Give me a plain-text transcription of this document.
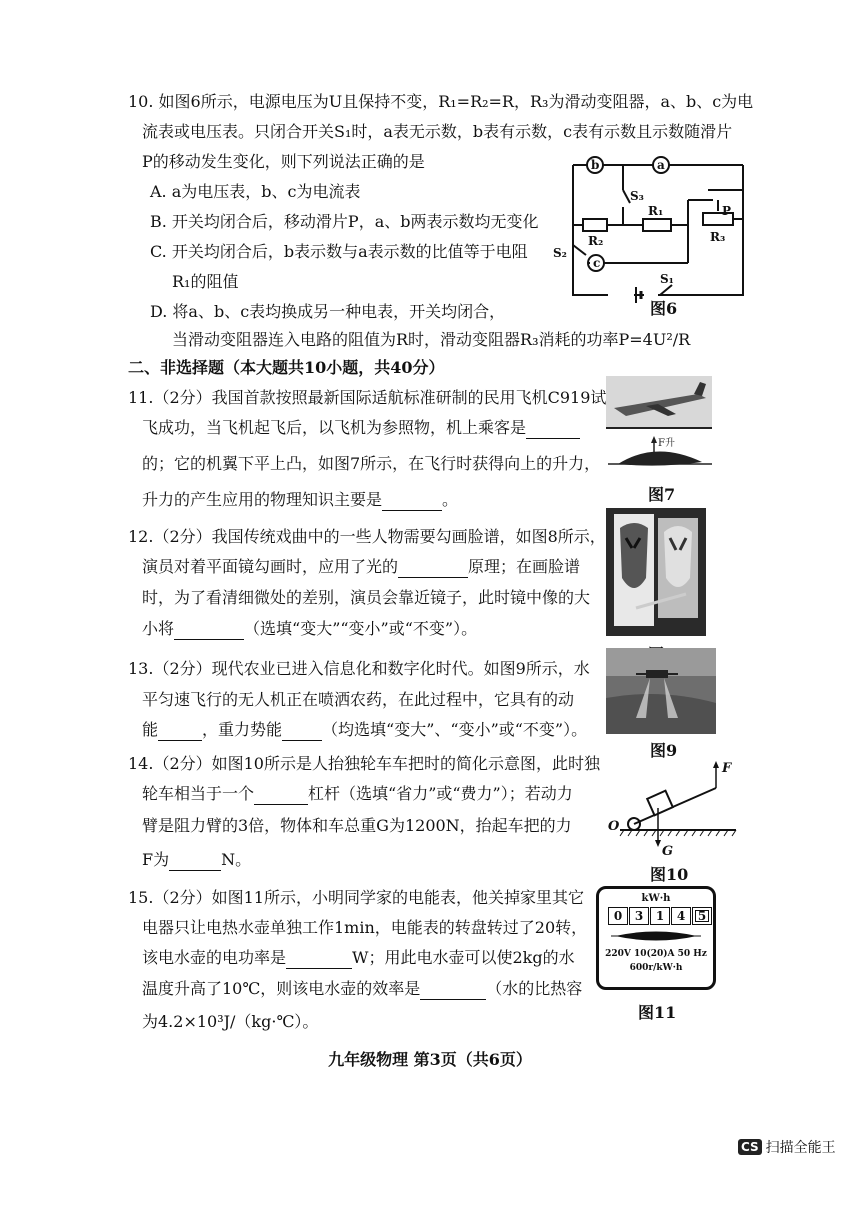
10. 如图6所示，电源电压为U且保持不变，R₁=R₂=R，R₃为滑动变阻器，a、b、c为电
流表或电压表。只闭合开关S₁时，a表无示数，b表有示数，c表有示数且示数随滑片
P的移动发生变化，则下列说法正确的是
A. a为电压表，b、c为电流表
B. 开关均闭合后，移动滑片P，a、b两表示数均无变化
C. 开关均闭合后，b表示数与a表示数的比值等于电阻
R₁的阻值
D. 将a、b、c表均换成另一种电表，开关均闭合，
当滑动变阻器连入电路的阻值为R时，滑动变阻器R₃消耗的功率P=4U²/R
b	a
S₃
R₁
R₂	R₃
P
S₂
c
S₁
图6
二、非选择题（本大题共10小题，共40分）
11.（2分）我国首款按照最新国际适航标准研制的民用飞机C919试
飞成功，当飞机起飞后，以飞机为参照物，机上乘客是
的；它的机翼下平上凸，如图7所示，在飞行时获得向上的升力，
升力的产生应用的物理知识主要是	。
F升
图7
12.（2分）我国传统戏曲中的一些人物需要勾画脸谱，如图8所示，
演员对着平面镜勾画时，应用了光的	原理；在画脸谱
时，为了看清细微处的差别，演员会靠近镜子，此时镜中像的大
小将	（选填“变大”“变小”或“不变”）。
13.（2分）现代农业已进入信息化和数字化时代。如图9所示，水
平匀速飞行的无人机正在喷洒农药，在此过程中，它具有的动
能	，重力势能	（均选填“变大”、“变小”或“不变”）。
图9
14.（2分）如图10所示是人抬独轮车车把时的简化示意图，此时独
轮车相当于一个	杠杆（选填“省力”或“费力”）；若动力
臂是阻力臂的3倍，物体和车总重G为1200N，抬起车把的力
F为	N。
F
O
G
图10
15.（2分）如图11所示，小明同学家的电能表，他关掉家里其它
电器只让电热水壶单独工作1min，电能表的转盘转过了20转，
该电水壶的电功率是	W；用此电水壶可以使2kg的水
温度升高了10℃，则该电水壶的效率是	（水的比热容
为4.2×10³J/（kg·℃）。
kW·h
0	3	1	4	5
220V 10(20)A 50 Hz
600r/kW·h
图11
九年级物理 第3页（共6页）
CS 扫描全能王
